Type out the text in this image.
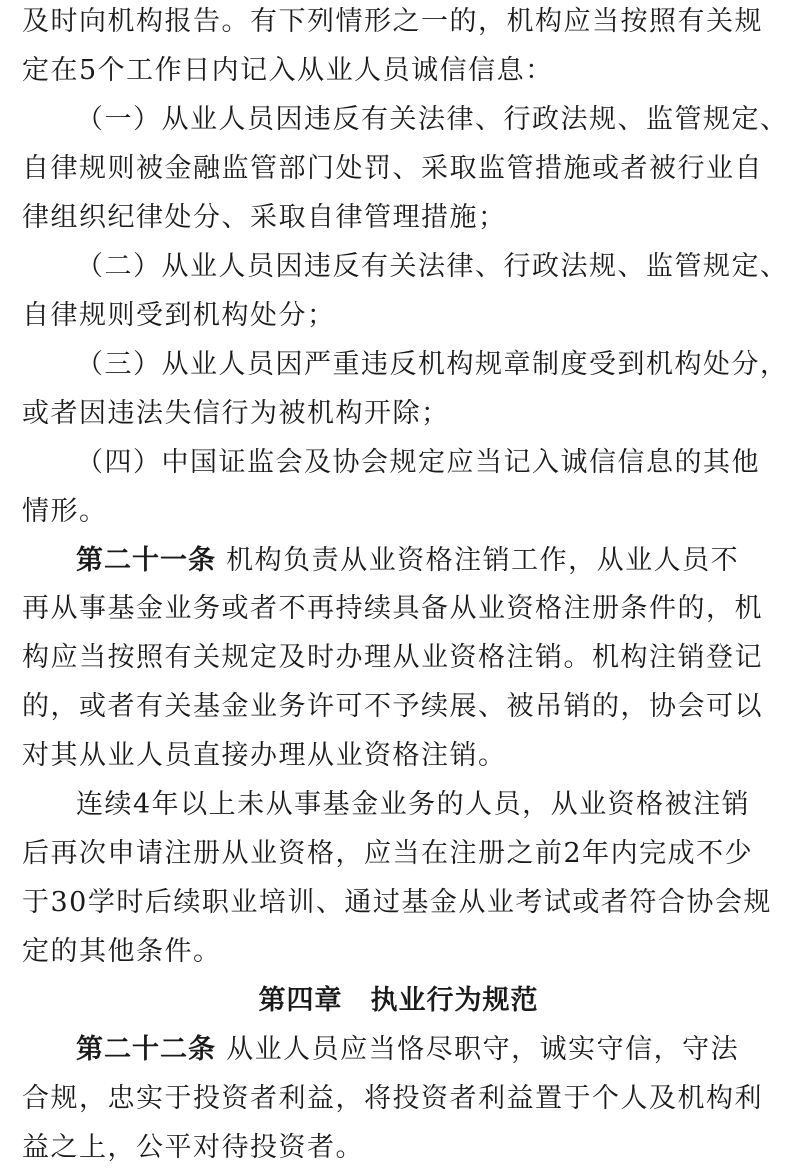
及时向机构报告。有下列情形之一的，机构应当按照有关规
定在5个工作日内记入从业人员诚信信息：
（一）从业人员因违反有关法律、行政法规、监管规定、
自律规则被金融监管部门处罚、采取监管措施或者被行业自
律组织纪律处分、采取自律管理措施；
（二）从业人员因违反有关法律、行政法规、监管规定、
自律规则受到机构处分；
（三）从业人员因严重违反机构规章制度受到机构处分，
或者因违法失信行为被机构开除；
（四）中国证监会及协会规定应当记入诚信信息的其他
情形。
第二十一条 机构负责从业资格注销工作，从业人员不
再从事基金业务或者不再持续具备从业资格注册条件的，机
构应当按照有关规定及时办理从业资格注销。机构注销登记
的，或者有关基金业务许可不予续展、被吊销的，协会可以
对其从业人员直接办理从业资格注销。
连续4年以上未从事基金业务的人员，从业资格被注销
后再次申请注册从业资格，应当在注册之前2年内完成不少
于30学时后续职业培训、通过基金从业考试或者符合协会规
定的其他条件。
第四章 执业行为规范
第二十二条 从业人员应当恪尽职守，诚实守信，守法
合规，忠实于投资者利益，将投资者利益置于个人及机构利
益之上，公平对待投资者。
